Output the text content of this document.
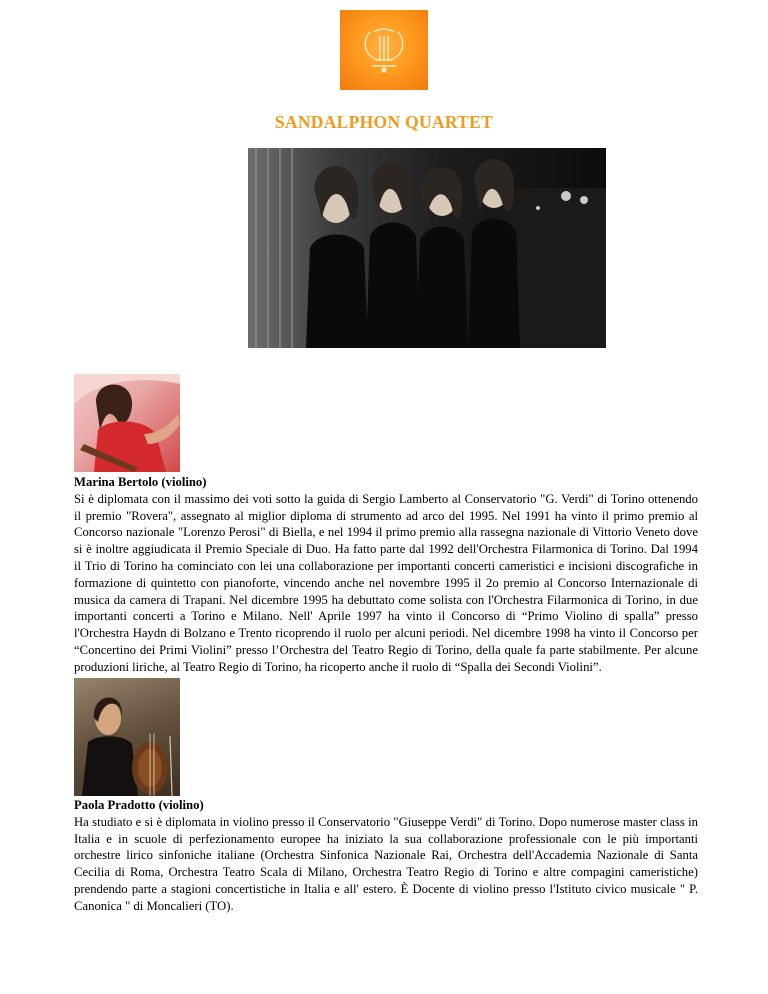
SANDALPHON QUARTET
Marina Bertolo (violino)

Si è diplomata con il massimo dei voti sotto la guida di Sergio Lamberto al Conservatorio "G. Verdi" di Torino ottenendo il premio "Rovera", assegnato al miglior diploma di strumento ad arco del 1995. Nel 1991 ha vinto il primo premio al Concorso nazionale "Lorenzo Perosi" di Biella, e nel 1994 il primo premio alla rassegna nazionale di Vittorio Veneto dove si è inoltre aggiudicata il Premio Speciale di Duo. Ha fatto parte dal 1992 dell'Orchestra Filarmonica di Torino. Dal 1994 il Trio di Torino ha cominciato con lei una collaborazione per importanti concerti cameristici e incisioni discografiche in formazione di quintetto con pianoforte, vincendo anche nel novembre 1995 il 2o premio al Concorso Internazionale di musica da camera di Trapani. Nel dicembre 1995 ha debuttato come solista con l'Orchestra Filarmonica di Torino, in due importanti concerti a Torino e Milano. Nell' Aprile 1997 ha vinto il Concorso di “Primo Violino di spalla” presso l'Orchestra Haydn di Bolzano e Trento ricoprendo il ruolo per alcuni periodi. Nel dicembre 1998 ha vinto il Concorso per “Concertino dei Primi Violini” presso l’Orchestra del Teatro Regio di Torino, della quale fa parte stabilmente. Per alcune produzioni liriche, al Teatro Regio di Torino, ha ricoperto anche il ruolo di “Spalla dei Secondi Violini”.

Paola Pradotto (violino)

Ha studiato e si è diplomata in violino presso il Conservatorio "Giuseppe Verdi" di Torino. Dopo numerose master class in Italia e in scuole di perfezionamento europee ha iniziato la sua collaborazione professionale con le più importanti orchestre lirico sinfoniche italiane (Orchestra Sinfonica Nazionale Rai, Orchestra dell'Accademia Nazionale di Santa Cecilia di Roma, Orchestra Teatro Scala di Milano, Orchestra Teatro Regio di Torino e altre compagini cameristiche) prendendo parte a stagioni concertistiche in Italia e all' estero. È Docente di violino presso l'Istituto civico musicale " P. Canonica " di Moncalieri (TO).
